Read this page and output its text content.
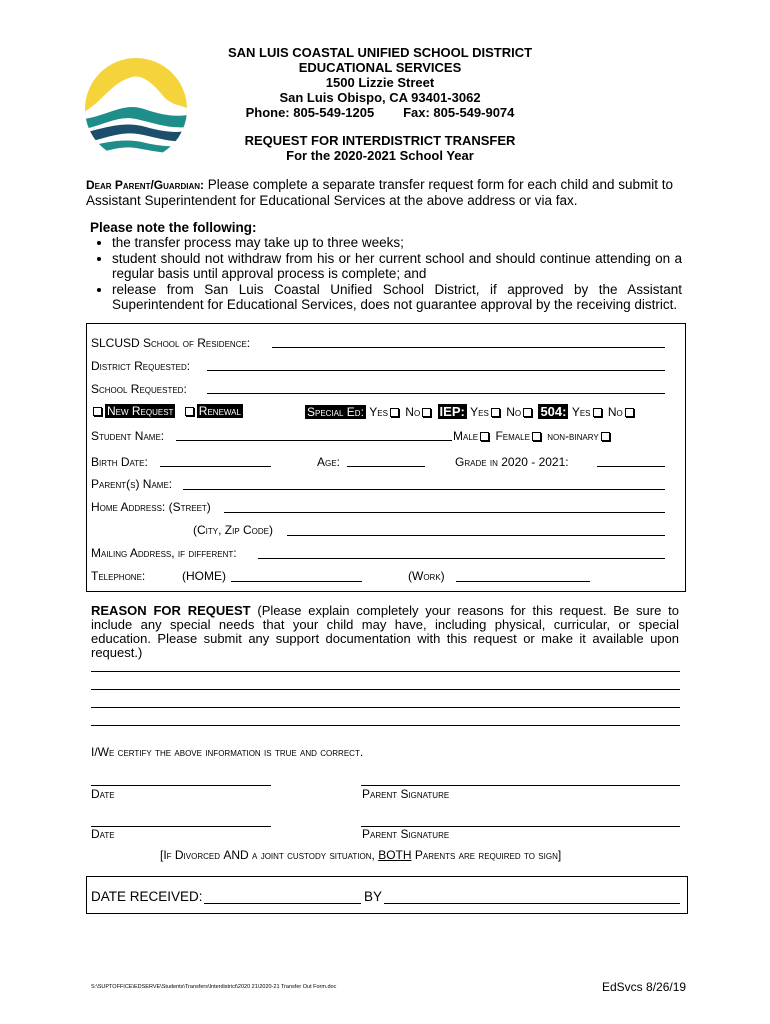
SAN LUIS COASTAL UNIFIED SCHOOL DISTRICT
EDUCATIONAL SERVICES
1500 Lizzie Street
San Luis Obispo, CA 93401-3062
Phone: 805-549-1205        Fax: 805-549-9074
REQUEST FOR INTERDISTRICT TRANSFER
For the 2020-2021 School Year
Dear Parent/Guardian: Please complete a separate transfer request form for each child and submit to Assistant Superintendent for Educational Services at the above address or via fax.
Please note the following:
• the transfer process may take up to three weeks;
• student should not withdraw from his or her current school and should continue attending on a regular basis until approval process is complete; and
• release from San Luis Coastal Unified School District, if approved by the Assistant Superintendent for Educational Services, does not guarantee approval by the receiving district.
SLCUSD School of Residence:
District Requested:
School Requested:
New Request Renewal	Special Ed: Yes No IEP: Yes No 504: Yes No
Student Name:	Male Female non-binary
Birth Date:	Age:	Grade in 2020 - 2021:
Parent(s) Name:
Home Address: (Street)
(City, Zip Code)
Mailing Address, if different:
Telephone:	(HOME)	(Work)
REASON FOR REQUEST (Please explain completely your reasons for this request. Be sure to include any special needs that your child may have, including physical, curricular, or special education. Please submit any support documentation with this request or make it available upon request.)
I/We certify the above information is true and correct.
Date	Parent Signature
Date	Parent Signature
[If Divorced AND a joint custody situation, BOTH Parents are required to sign]
DATE RECEIVED:	BY
S:\SUPTOFFICE\EDSERVE\Students\Transfers\Interdistrict\2020 21\2020-21 Transfer Out Form.doc	EdSvcs 8/26/19
